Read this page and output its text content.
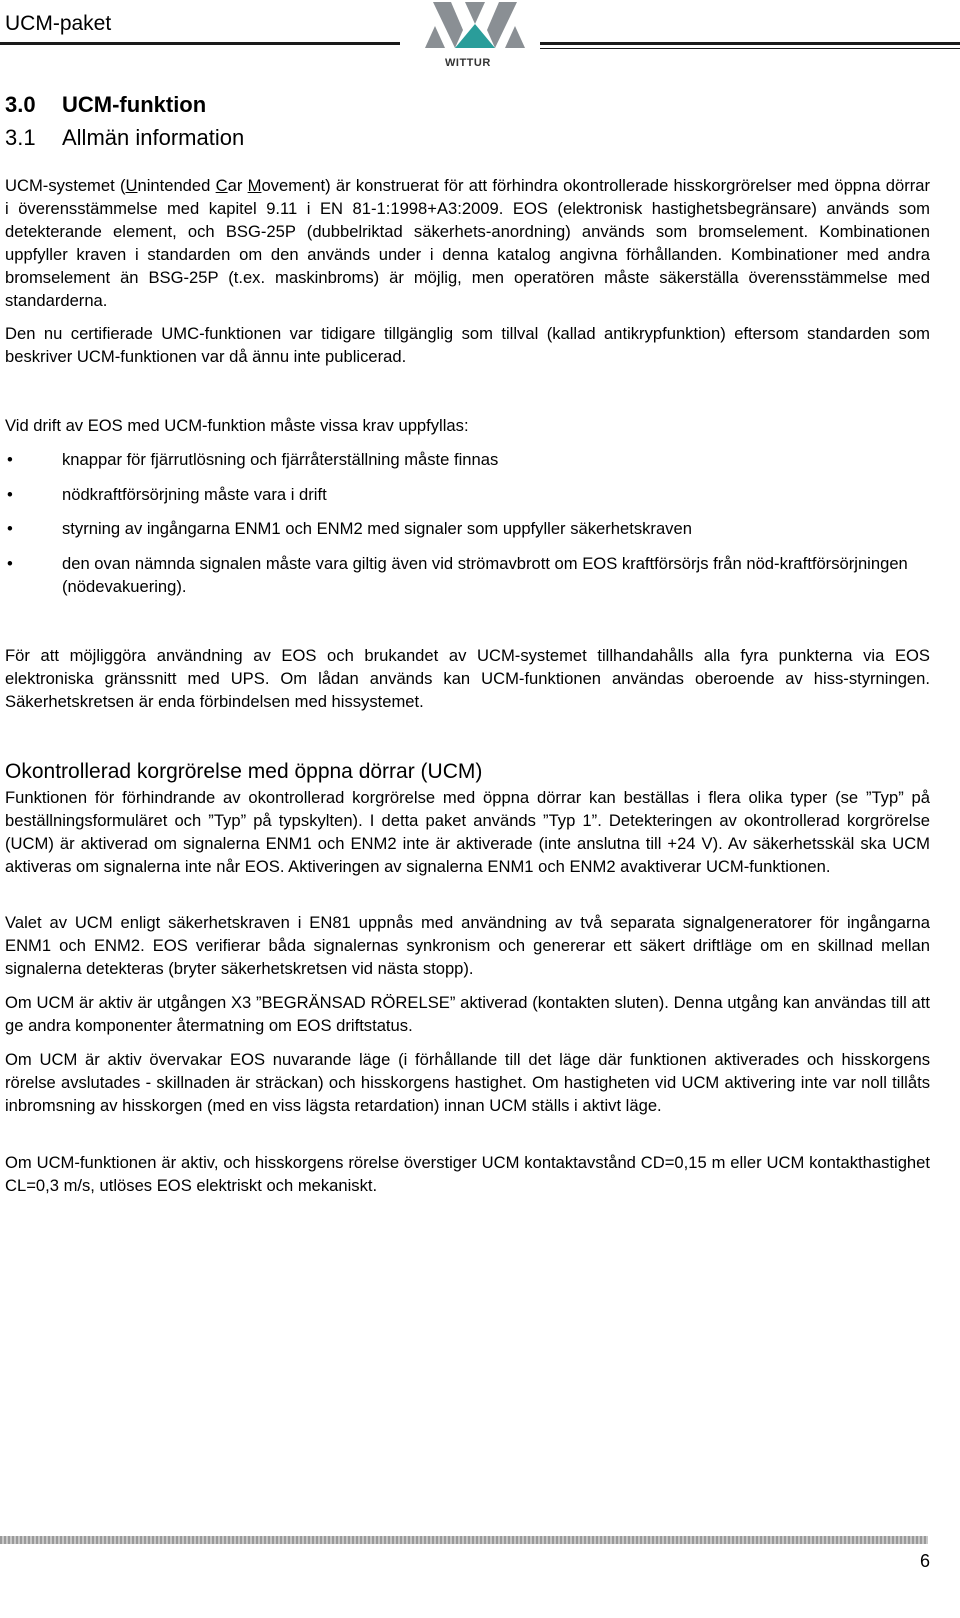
UCM-paket
WITTUR
3.0 UCM-funktion
3.1 Allmän information
UCM-systemet (Unintended Car Movement) är konstruerat för att förhindra okontrollerade hisskorgrörelser med öppna dörrar i överensstämmelse med kapitel 9.11 i EN 81-1:1998+A3:2009. EOS (elektronisk hastighetsbegränsare) används som detekterande element, och BSG-25P (dubbelriktad säkerhets-anordning) används som bromselement. Kombinationen uppfyller kraven i standarden om den används under i denna katalog angivna förhållanden. Kombinationer med andra bromselement än BSG-25P (t.ex. maskinbroms) är möjlig, men operatören måste säkerställa överensstämmelse med standarderna.
Den nu certifierade UMC-funktionen var tidigare tillgänglig som tillval (kallad antikrypfunktion) eftersom standarden som beskriver UCM-funktionen var då ännu inte publicerad.
Vid drift av EOS med UCM-funktion måste vissa krav uppfyllas:
•	knappar för fjärrutlösning och fjärråterställning måste finnas
•	nödkraftförsörjning måste vara i drift
•	styrning av ingångarna ENM1 och ENM2 med signaler som uppfyller säkerhetskraven
•	den ovan nämnda signalen måste vara giltig även vid strömavbrott om EOS kraftförsörjs från nöd-kraftförsörjningen (nödevakuering).
För att möjliggöra användning av EOS och brukandet av UCM-systemet tillhandahålls alla fyra punkterna via EOS elektroniska gränssnitt med UPS. Om lådan används kan UCM-funktionen användas oberoende av hiss-styrningen. Säkerhetskretsen är enda förbindelsen med hissystemet.
Okontrollerad korgrörelse med öppna dörrar (UCM)
Funktionen för förhindrande av okontrollerad korgrörelse med öppna dörrar kan beställas i flera olika typer (se ”Typ” på beställningsformuläret och ”Typ” på typskylten). I detta paket används ”Typ 1”. Detekteringen av okontrollerad korgrörelse (UCM) är aktiverad om signalerna ENM1 och ENM2 inte är aktiverade (inte anslutna till +24 V). Av säkerhetsskäl ska UCM aktiveras om signalerna inte når EOS. Aktiveringen av signalerna ENM1 och ENM2 avaktiverar UCM-funktionen.
Valet av UCM enligt säkerhetskraven i EN81 uppnås med användning av två separata signalgeneratorer för ingångarna ENM1 och ENM2. EOS verifierar båda signalernas synkronism och genererar ett säkert driftläge om en skillnad mellan signalerna detekteras (bryter säkerhetskretsen vid nästa stopp).
Om UCM är aktiv är utgången X3 ”BEGRÄNSAD RÖRELSE” aktiverad (kontakten sluten). Denna utgång kan användas till att ge andra komponenter återmatning om EOS driftstatus.
Om UCM är aktiv övervakar EOS nuvarande läge (i förhållande till det läge där funktionen aktiverades och hisskorgens rörelse avslutades - skillnaden är sträckan) och hisskorgens hastighet. Om hastigheten vid UCM aktivering inte var noll tillåts inbromsning av hisskorgen (med en viss lägsta retardation) innan UCM ställs i aktivt läge.
Om UCM-funktionen är aktiv, och hisskorgens rörelse överstiger UCM kontaktavstånd CD=0,15 m eller UCM kontakthastighet CL=0,3 m/s, utlöses EOS elektriskt och mekaniskt.
6
